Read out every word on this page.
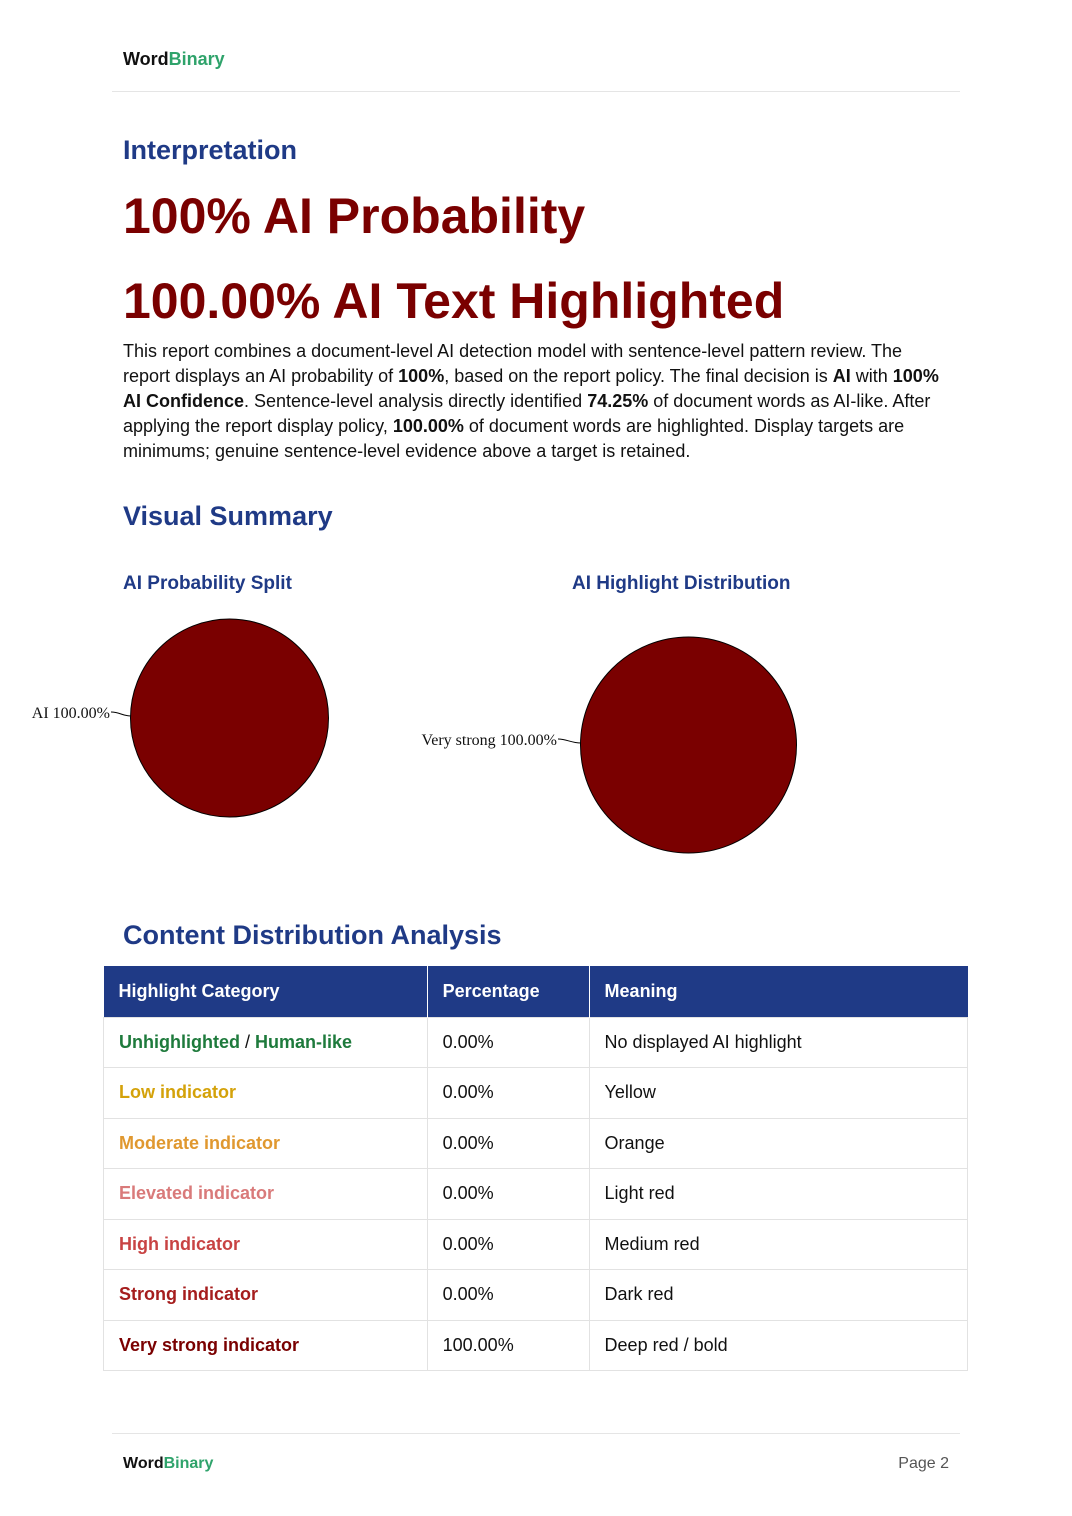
WordBinary
Interpretation
100% AI Probability
100.00% AI Text Highlighted

This report combines a document-level AI detection model with sentence-level pattern review. The report displays an AI probability of 100%, based on the report policy. The final decision is AI with 100% AI Confidence. Sentence-level analysis directly identified 74.25% of document words as AI-like. After applying the report display policy, 100.00% of document words are highlighted. Display targets are minimums; genuine sentence-level evidence above a target is retained.

Visual Summary
AI Probability Split	AI Highlight Distribution
AI 100.00%
Very strong 100.00%
Content Distribution Analysis
Highlight Category	Percentage	Meaning
Unhighlighted / Human-like	0.00%	No displayed AI highlight
Low indicator	0.00%	Yellow
Moderate indicator	0.00%	Orange
Elevated indicator	0.00%	Light red
High indicator	0.00%	Medium red
Strong indicator	0.00%	Dark red
Very strong indicator	100.00%	Deep red / bold
WordBinary	Page 2
